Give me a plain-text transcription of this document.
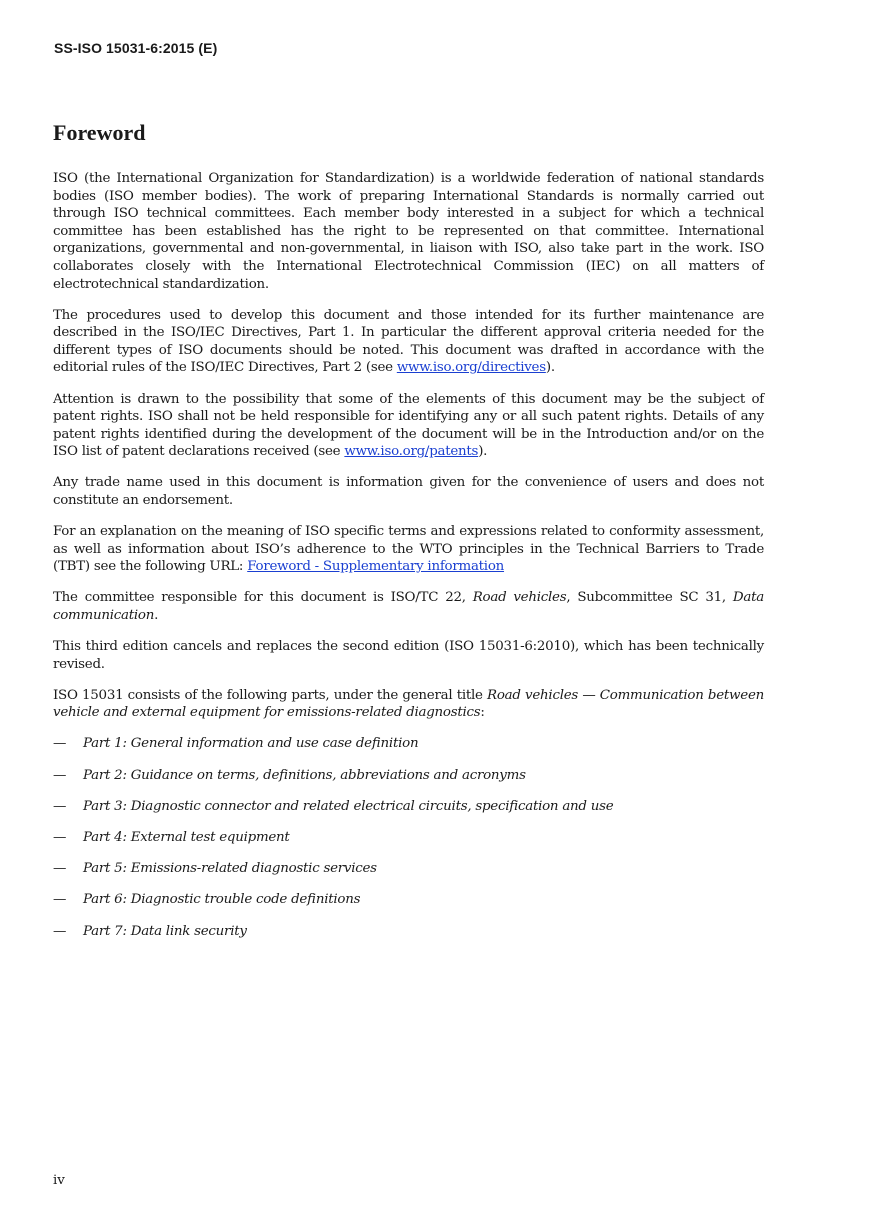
SS-ISO 15031-6:2015 (E)
Foreword

ISO (the International Organization for Standardization) is a worldwide federation of national standards bodies (ISO member bodies). The work of preparing International Standards is normally carried out through ISO technical committees. Each member body interested in a subject for which a technical committee has been established has the right to be represented on that committee. International organizations, governmental and non-governmental, in liaison with ISO, also take part in the work. ISO collaborates closely with the International Electrotechnical Commission (IEC) on all matters of electrotechnical standardization.

The procedures used to develop this document and those intended for its further maintenance are described in the ISO/IEC Directives, Part 1. In particular the different approval criteria needed for the different types of ISO documents should be noted. This document was drafted in accordance with the editorial rules of the ISO/IEC Directives, Part 2 (see www.iso.org/directives).

Attention is drawn to the possibility that some of the elements of this document may be the subject of patent rights. ISO shall not be held responsible for identifying any or all such patent rights. Details of any patent rights identified during the development of the document will be in the Introduction and/or on the ISO list of patent declarations received (see www.iso.org/patents).

Any trade name used in this document is information given for the convenience of users and does not constitute an endorsement.

For an explanation on the meaning of ISO specific terms and expressions related to conformity assessment, as well as information about ISO’s adherence to the WTO principles in the Technical Barriers to Trade (TBT) see the following URL: Foreword - Supplementary information

The committee responsible for this document is ISO/TC 22, Road vehicles, Subcommittee SC 31, Data communication.

This third edition cancels and replaces the second edition (ISO 15031-6:2010), which has been technically revised.

ISO 15031 consists of the following parts, under the general title Road vehicles — Communication between vehicle and external equipment for emissions-related diagnostics:

— Part 1: General information and use case definition
— Part 2: Guidance on terms, definitions, abbreviations and acronyms
— Part 3: Diagnostic connector and related electrical circuits, specification and use
— Part 4: External test equipment
— Part 5: Emissions-related diagnostic services
— Part 6: Diagnostic trouble code definitions
— Part 7: Data link security
iv
